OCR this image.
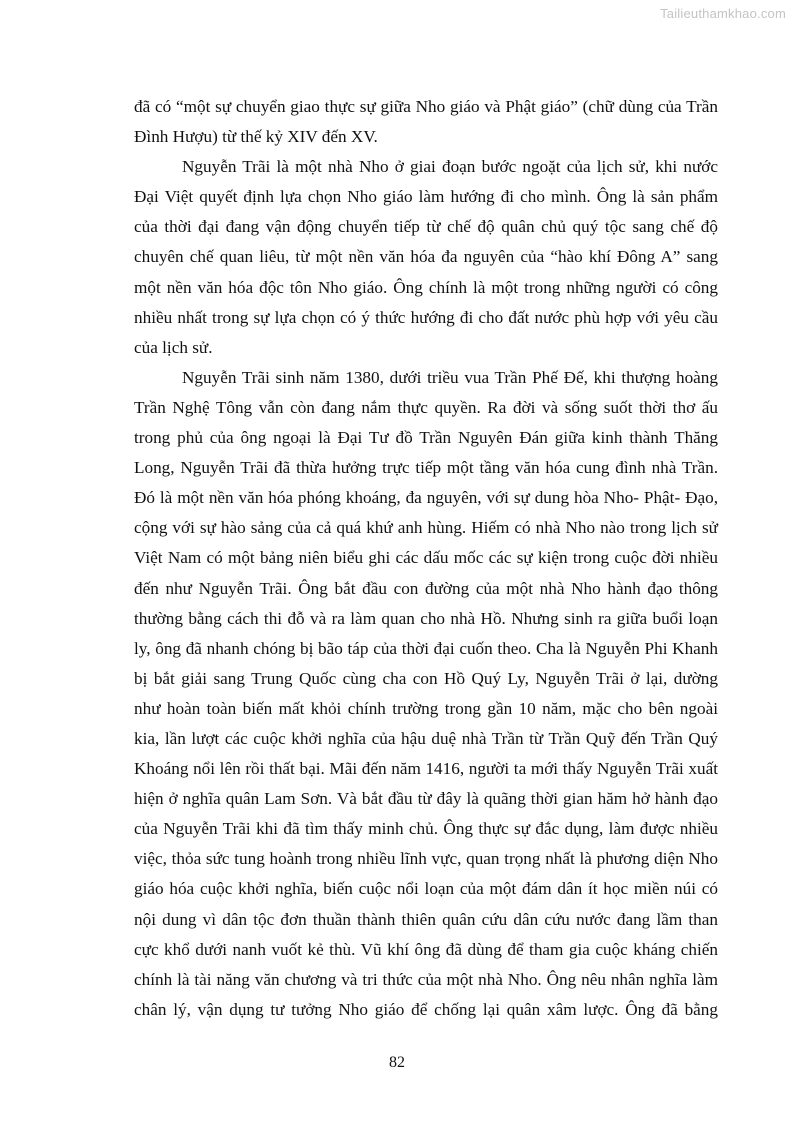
Tailieuthamkhao.com
đã có “một sự chuyển giao thực sự giữa Nho giáo và Phật giáo” (chữ dùng của Trần
Đình Hượu) từ thế kỷ XIV đến XV.
Nguyễn Trãi là một nhà Nho ở giai đoạn bước ngoặt của lịch sử, khi nước
Đại Việt quyết định lựa chọn Nho giáo làm hướng đi cho mình. Ông là sản phẩm
của thời đại đang vận động chuyển tiếp từ chế độ quân chủ quý tộc sang chế độ
chuyên chế quan liêu, từ một nền văn hóa đa nguyên của “hào khí Đông A” sang
một nền văn hóa độc tôn Nho giáo. Ông chính là một trong những người có công
nhiều nhất trong sự lựa chọn có ý thức hướng đi cho đất nước phù hợp với yêu cầu
của lịch sử.
Nguyễn Trãi sinh năm 1380, dưới triều vua Trần Phế Đế, khi thượng hoàng
Trần Nghệ Tông vẫn còn đang nắm thực quyền. Ra đời và sống suốt thời thơ ấu
trong phủ của ông ngoại là Đại Tư đồ Trần Nguyên Đán giữa kinh thành Thăng
Long, Nguyễn Trãi đã thừa hưởng trực tiếp một tầng văn hóa cung đình nhà Trần.
Đó là một nền văn hóa phóng khoáng, đa nguyên, với sự dung hòa Nho- Phật- Đạo,
cộng với sự hào sảng của cả quá khứ anh hùng. Hiếm có nhà Nho nào trong lịch sử
Việt Nam có một bảng niên biểu ghi các dấu mốc các sự kiện trong cuộc đời nhiều
đến như Nguyễn Trãi. Ông bắt đầu con đường của một nhà Nho hành đạo thông
thường bằng cách thi đỗ và ra làm quan cho nhà Hồ. Nhưng sinh ra giữa buổi loạn
ly, ông đã nhanh chóng bị bão táp của thời đại cuốn theo. Cha là Nguyễn Phi Khanh
bị bắt giải sang Trung Quốc cùng cha con Hồ Quý Ly, Nguyễn Trãi ở lại, dường
như hoàn toàn biến mất khỏi chính trường trong gần 10 năm, mặc cho bên ngoài
kia, lần lượt các cuộc khởi nghĩa của hậu duệ nhà Trần từ Trần Quỹ đến Trần Quý
Khoáng nổi lên rồi thất bại. Mãi đến năm 1416, người ta mới thấy Nguyễn Trãi xuất
hiện ở nghĩa quân Lam Sơn. Và bắt đầu từ đây là quãng thời gian hăm hở hành đạo
của Nguyễn Trãi khi đã tìm thấy minh chủ. Ông thực sự đắc dụng, làm được nhiều
việc, thỏa sức tung hoành trong nhiều lĩnh vực, quan trọng nhất là phương diện Nho
giáo hóa cuộc khởi nghĩa, biến cuộc nổi loạn của một đám dân ít học miền núi có
nội dung vì dân tộc đơn thuần thành thiên quân cứu dân cứu nước đang lầm than
cực khổ dưới nanh vuốt kẻ thù. Vũ khí ông đã dùng để tham gia cuộc kháng chiến
chính là tài năng văn chương và tri thức của một nhà Nho. Ông nêu nhân nghĩa làm
chân lý, vận dụng tư tưởng Nho giáo để chống lại quân xâm lược. Ông đã bằng
82
